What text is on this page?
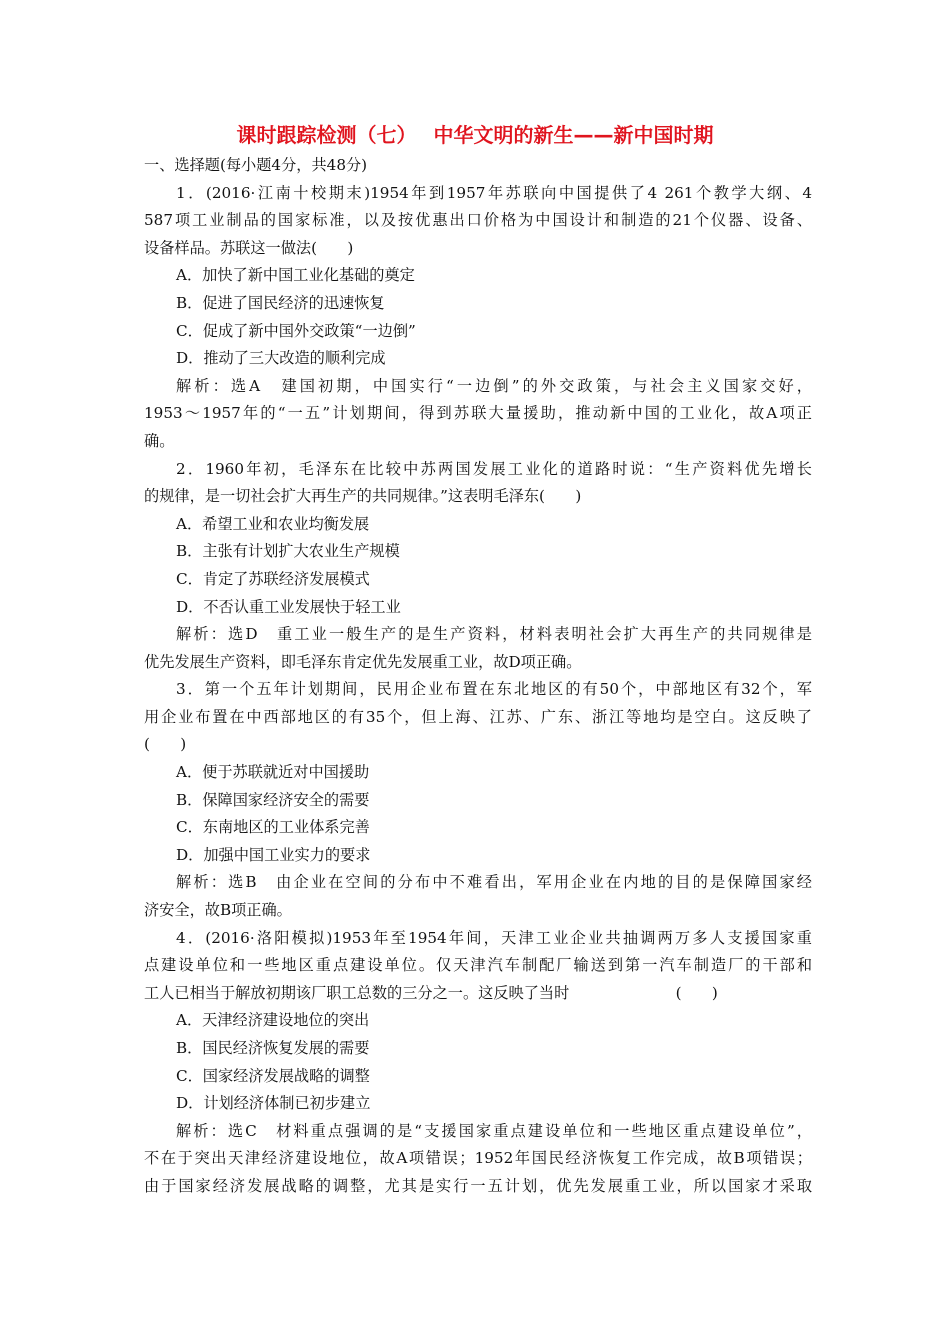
课时跟踪检测（七）　 中华文明的新生——新中国时期
一、选择题(每小题4分，共48分)
1．(2016·江南十校期末)1954年到1957年苏联向中国提供了4 261个教学大纲、4
587项工业制品的国家标准，以及按优惠出口价格为中国设计和制造的21个仪器、设备、
设备样品。苏联这一做法(　　)
A．加快了新中国工业化基础的奠定
B．促进了国民经济的迅速恢复
C．促成了新中国外交政策“一边倒”
D．推动了三大改造的顺利完成
解析：选A　建国初期，中国实行“一边倒”的外交政策，与社会主义国家交好，
1953～1957年的“一五”计划期间，得到苏联大量援助，推动新中国的工业化，故A项正
确。
2．1960年初，毛泽东在比较中苏两国发展工业化的道路时说：“生产资料优先增长
的规律，是一切社会扩大再生产的共同规律。”这表明毛泽东(　　)
A．希望工业和农业均衡发展
B．主张有计划扩大农业生产规模
C．肯定了苏联经济发展模式
D．不否认重工业发展快于轻工业
解析：选D　重工业一般生产的是生产资料，材料表明社会扩大再生产的共同规律是
优先发展生产资料，即毛泽东肯定优先发展重工业，故D项正确。
3．第一个五年计划期间，民用企业布置在东北地区的有50个，中部地区有32个，军
用企业布置在中西部地区的有35个，但上海、江苏、广东、浙江等地均是空白。这反映了
(　　)
A．便于苏联就近对中国援助
B．保障国家经济安全的需要
C．东南地区的工业体系完善
D．加强中国工业实力的要求
解析：选B　由企业在空间的分布中不难看出，军用企业在内地的目的是保障国家经
济安全，故B项正确。
4．(2016·洛阳模拟)1953年至1954年间，天津工业企业共抽调两万多人支援国家重
点建设单位和一些地区重点建设单位。仅天津汽车制配厂输送到第一汽车制造厂的干部和
工人已相当于解放初期该厂职工总数的三分之一。这反映了当时　　　　　　　(　　)
A．天津经济建设地位的突出
B．国民经济恢复发展的需要
C．国家经济发展战略的调整
D．计划经济体制已初步建立
解析：选C　材料重点强调的是“支援国家重点建设单位和一些地区重点建设单位”，
不在于突出天津经济建设地位，故A项错误；1952年国民经济恢复工作完成，故B项错误；
由于国家经济发展战略的调整，尤其是实行一五计划，优先发展重工业，所以国家才采取
